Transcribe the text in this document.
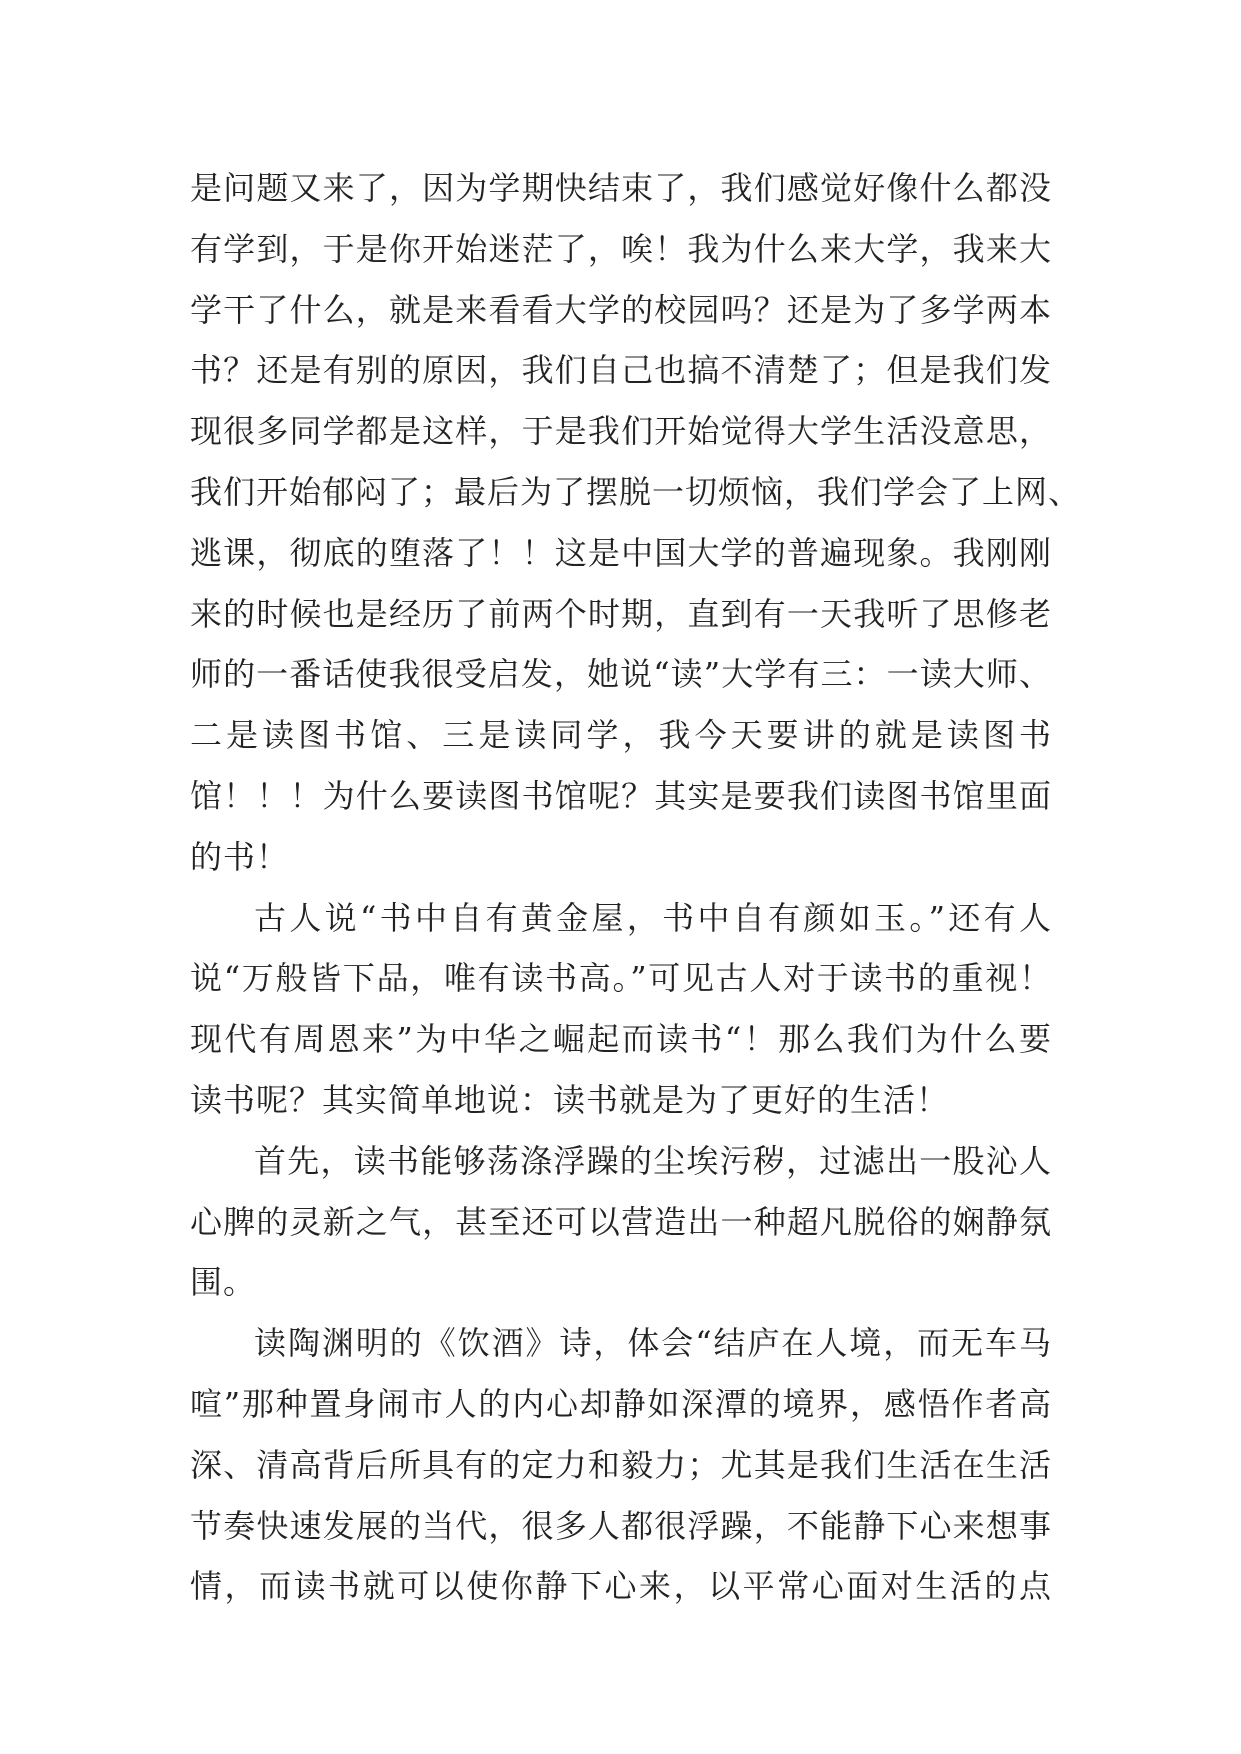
是问题又来了，因为学期快结束了，我们感觉好像什么都没
有学到，于是你开始迷茫了，唉！我为什么来大学，我来大
学干了什么，就是来看看大学的校园吗？还是为了多学两本
书？还是有别的原因，我们自己也搞不清楚了；但是我们发
现很多同学都是这样，于是我们开始觉得大学生活没意思，
我们开始郁闷了；最后为了摆脱一切烦恼，我们学会了上网、
逃课，彻底的堕落了！！这是中国大学的普遍现象。我刚刚
来的时候也是经历了前两个时期，直到有一天我听了思修老
师的一番话使我很受启发，她说“读”大学有三：一读大师、
二是读图书馆、三是读同学，我今天要讲的就是读图书
馆！！！为什么要读图书馆呢？其实是要我们读图书馆里面
的书！
古人说“书中自有黄金屋，书中自有颜如玉。”还有人
说“万般皆下品，唯有读书高。”可见古人对于读书的重视！
现代有周恩来”为中华之崛起而读书“！那么我们为什么要
读书呢？其实简单地说：读书就是为了更好的生活！
首先，读书能够荡涤浮躁的尘埃污秽，过滤出一股沁人
心脾的灵新之气，甚至还可以营造出一种超凡脱俗的娴静氛
围。
读陶渊明的《饮酒》诗，体会“结庐在人境，而无车马
喧”那种置身闹市人的内心却静如深潭的境界，感悟作者高
深、清高背后所具有的定力和毅力；尤其是我们生活在生活
节奏快速发展的当代，很多人都很浮躁，不能静下心来想事
情，而读书就可以使你静下心来，以平常心面对生活的点
